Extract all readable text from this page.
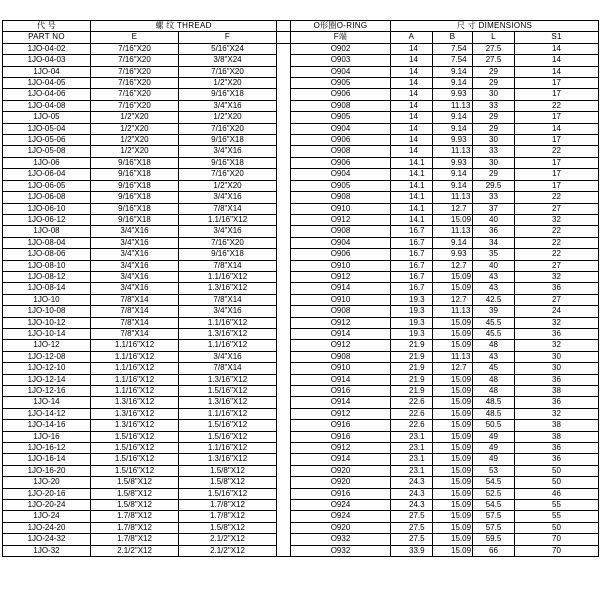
代 号	螺 纹 THREAD			O形圈O-RING	尺 寸 DIMENSIONS			
PART NO	E	F		F端	A	B	L	S1
1JO-04-02	7/16"X20	5/16"X24		O902	14	7.54	27.5	14
1JO-04-03	7/16"X20	3/8"X24		O903	14	7.54	27.5	14
1JO-04	7/16"X20	7/16"X20		O904	14	9.14	29	14
1JO-04-05	7/16"X20	1/2"X20		O905	14	9.14	29	17
1JO-04-06	7/16"X20	9/16"X18		O906	14	9.93	30	17
1JO-04-08	7/16"X20	3/4"X16		O908	14	11.13	33	22
1JO-05	1/2"X20	1/2"X20		O905	14	9.14	29	17
1JO-05-04	1/2"X20	7/16"X20		O904	14	9.14	29	14
1JO-05-06	1/2"X20	9/16"X18		O906	14	9.93	30	17
1JO-05-08	1/2"X20	3/4"X16		O908	14	11.13	33	22
1JO-06	9/16"X18	9/16"X18		O906	14.1	9.93	30	17
1JO-06-04	9/16"X18	7/16"X20		O904	14.1	9.14	29	17
1JO-06-05	9/16"X18	1/2"X20		O905	14.1	9.14	29.5	17
1JO-06-08	9/16"X18	3/4"X16		O908	14.1	11.13	33	22
1JO-06-10	9/16"X18	7/8"X14		O910	14.1	12.7	37	27
1JO-06-12	9/16"X18	1.1/16"X12		O912	14.1	15.09	40	32
1JO-08	3/4"X16	3/4"X16		O908	16.7	11.13	36	22
1JO-08-04	3/4"X16	7/16"X20		O904	16.7	9.14	34	22
1JO-08-06	3/4"X16	9/16"X18		O906	16.7	9.93	35	22
1JO-08-10	3/4"X16	7/8"X14		O910	16.7	12.7	40	27
1JO-08-12	3/4"X16	1.1/16"X12		O912	16.7	15.09	43	32
1JO-08-14	3/4"X16	1.3/16"X12		O914	16.7	15.09	43	36
1JO-10	7/8"X14	7/8"X14		O910	19.3	12.7	42.5	27
1JO-10-08	7/8"X14	3/4"X16		O908	19.3	11.13	39	24
1JO-10-12	7/8"X14	1.1/16"X12		O912	19.3	15.09	45.5	32
1JO-10-14	7/8"X14	1.3/16"X12		O914	19.3	15.09	45.5	36
1JO-12	1.1/16"X12	1.1/16"X12		O912	21.9	15.09	48	32
1JO-12-08	1.1/16"X12	3/4"X16		O908	21.9	11.13	43	30
1JO-12-10	1.1/16"X12	7/8"X14		O910	21.9	12.7	45	30
1JO-12-14	1.1/16"X12	1.3/16"X12		O914	21.9	15.09	48	36
1JO-12-16	1.1/16"X12	1.5/16"X12		O916	21.9	15.09	48	38
1JO-14	1.3/16"X12	1.3/16"X12		O914	22.6	15.09	48.5	36
1JO-14-12	1.3/16"X12	1.1/16"X12		O912	22.6	15.09	48.5	32
1JO-14-16	1.3/16"X12	1.5/16"X12		O916	22.6	15.09	50.5	38
1JO-16	1.5/16"X12	1.5/16"X12		O916	23.1	15.09	49	38
1JO-16-12	1.5/16"X12	1.1/16"X12		O912	23.1	15.09	49	36
1JO-16-14	1.5/16"X12	1.3/16"X12		O914	23.1	15.09	49	36
1JO-16-20	1.5/16"X12	1.5/8"X12		O920	23.1	15.09	53	50
1JO-20	1.5/8"X12	1.5/8"X12		O920	24.3	15.09	54.5	50
1JO-20-16	1.5/8"X12	1.5/16"X12		O916	24.3	15.09	52.5	46
1JO-20-24	1.5/8"X12	1.7/8"X12		O924	24.3	15.09	54.5	55
1JO-24	1.7/8"X12	1.7/8"X12		O924	27.5	15.09	57.5	55
1JO-24-20	1.7/8"X12	1.5/8"X12		O920	27.5	15.09	57.5	50
1JO-24-32	1.7/8"X12	2.1/2"X12		O932	27.5	15.09	59.5	70
1JO-32	2.1/2"X12	2.1/2"X12		O932	33.9	15.09	66	70
